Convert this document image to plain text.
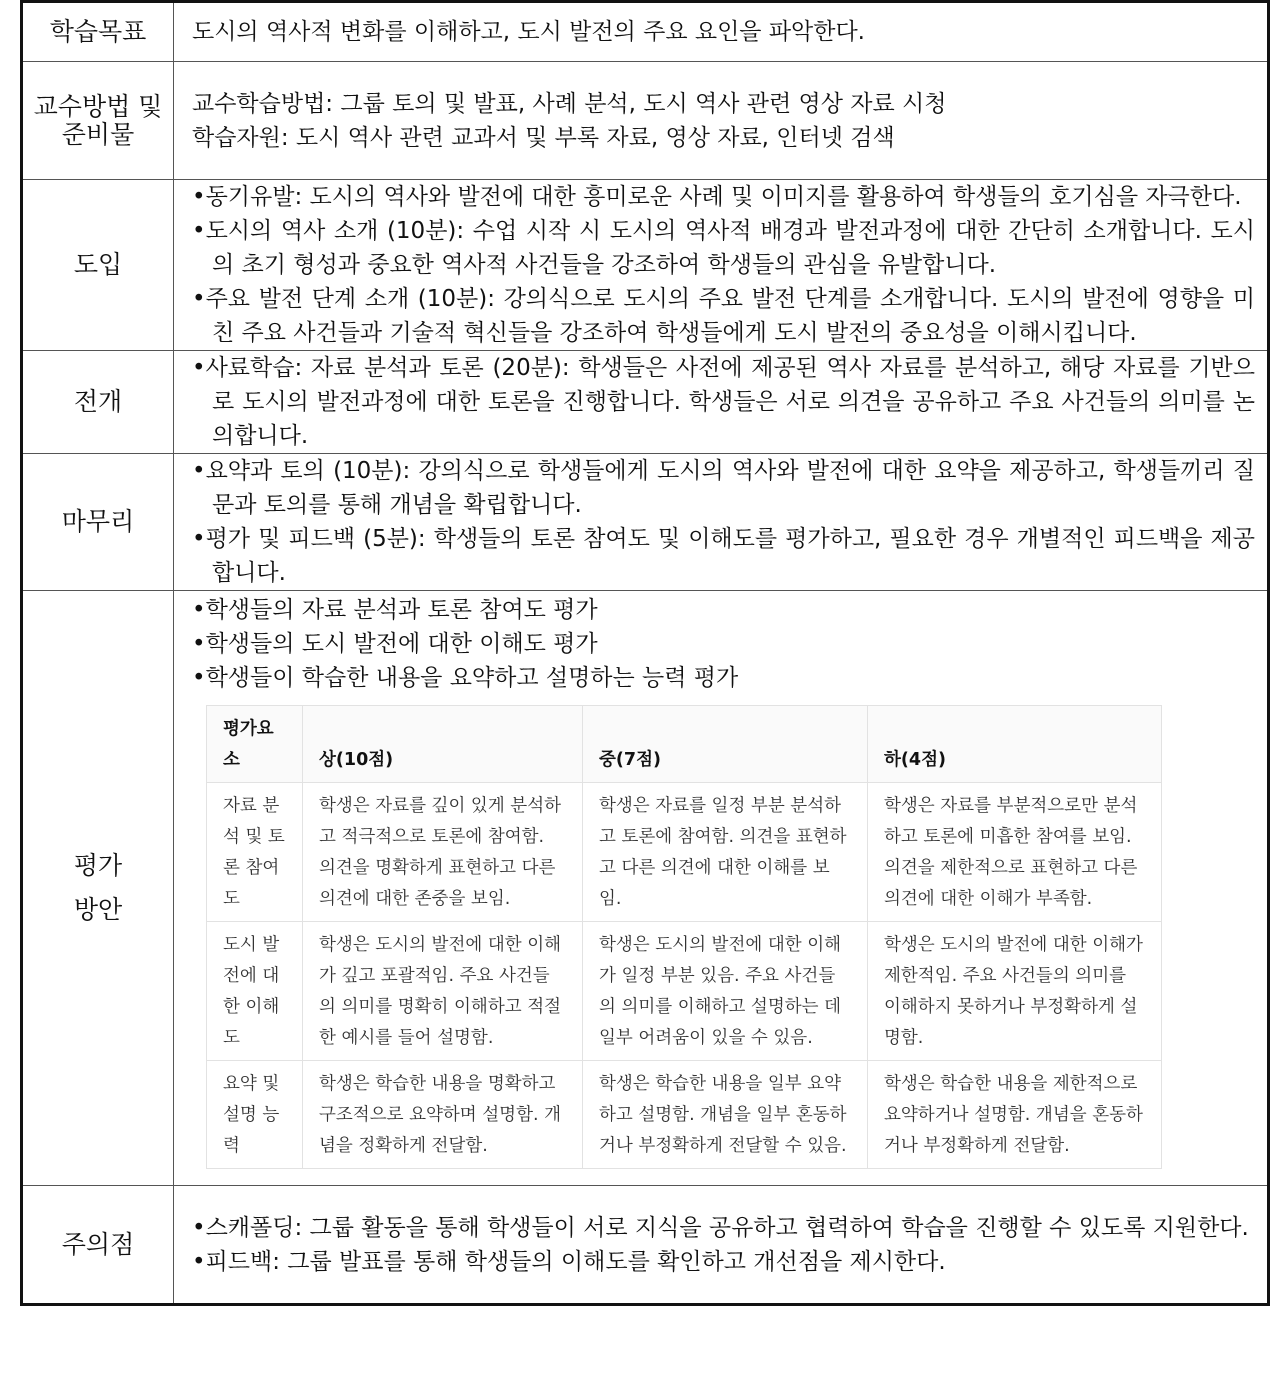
학습목표	도시의 역사적 변화를 이해하고, 도시 발전의 주요 요인을 파악한다.
교수방법 및 준비물	
교수학습방법: 그룹 토의 및 발표, 사례 분석, 도시 역사 관련 영상 자료 시청
학습자원: 도시 역사 관련 교과서 및 부록 자료, 영상 자료, 인터넷 검색

도입	
• 동기유발: 도시의 역사와 발전에 대한 흥미로운 사례 및 이미지를 활용하여 학생들의 호기심을 자극한다.
• 도시의 역사 소개 (10분): 수업 시작 시 도시의 역사적 배경과 발전과정에 대한 간단히 소개합니다. 도시의 초기 형성과 중요한 역사적 사건들을 강조하여 학생들의 관심을 유발합니다.
• 주요 발전 단계 소개 (10분): 강의식으로 도시의 주요 발전 단계를 소개합니다. 도시의 발전에 영향을 미친 주요 사건들과 기술적 혁신들을 강조하여 학생들에게 도시 발전의 중요성을 이해시킵니다.

전개	
• 사료학습: 자료 분석과 토론 (20분): 학생들은 사전에 제공된 역사 자료를 분석하고, 해당 자료를 기반으로 도시의 발전과정에 대한 토론을 진행합니다. 학생들은 서로 의견을 공유하고 주요 사건들의 의미를 논의합니다.

마무리	
• 요약과 토의 (10분): 강의식으로 학생들에게 도시의 역사와 발전에 대한 요약을 제공하고, 학생들끼리 질문과 토의를 통해 개념을 확립합니다.
• 평가 및 피드백 (5분): 학생들의 토론 참여도 및 이해도를 평가하고, 필요한 경우 개별적인 피드백을 제공합니다.

평가 방안	
• 학생들의 자료 분석과 토론 참여도 평가
• 학생들의 도시 발전에 대한 이해도 평가
• 학생들이 학습한 내용을 요약하고 설명하는 능력 평가
평가요소	상(10점)	중(7점)	하(4점)
자료 분석 및 토론 참여도	학생은 자료를 깊이 있게 분석하고 적극적으로 토론에 참여함. 의견을 명확하게 표현하고 다른 의견에 대한 존중을 보임.	학생은 자료를 일정 부분 분석하고 토론에 참여함. 의견을 표현하고 다른 의견에 대한 이해를 보임.	학생은 자료를 부분적으로만 분석하고 토론에 미흡한 참여를 보임. 의견을 제한적으로 표현하고 다른 의견에 대한 이해가 부족함.
도시 발전에 대한 이해도	학생은 도시의 발전에 대한 이해가 깊고 포괄적임. 주요 사건들의 의미를 명확히 이해하고 적절한 예시를 들어 설명함.	학생은 도시의 발전에 대한 이해가 일정 부분 있음. 주요 사건들의 의미를 이해하고 설명하는 데 일부 어려움이 있을 수 있음.	학생은 도시의 발전에 대한 이해가 제한적임. 주요 사건들의 의미를 이해하지 못하거나 부정확하게 설명함.
요약 및 설명 능력	학생은 학습한 내용을 명확하고 구조적으로 요약하며 설명함. 개념을 정확하게 전달함.	학생은 학습한 내용을 일부 요약하고 설명함. 개념을 일부 혼동하거나 부정확하게 전달할 수 있음.	학생은 학습한 내용을 제한적으로 요약하거나 설명함. 개념을 혼동하거나 부정확하게 전달함.

주의점	
• 스캐폴딩: 그룹 활동을 통해 학생들이 서로 지식을 공유하고 협력하여 학습을 진행할 수 있도록 지원한다.
• 피드백: 그룹 발표를 통해 학생들의 이해도를 확인하고 개선점을 제시한다.
